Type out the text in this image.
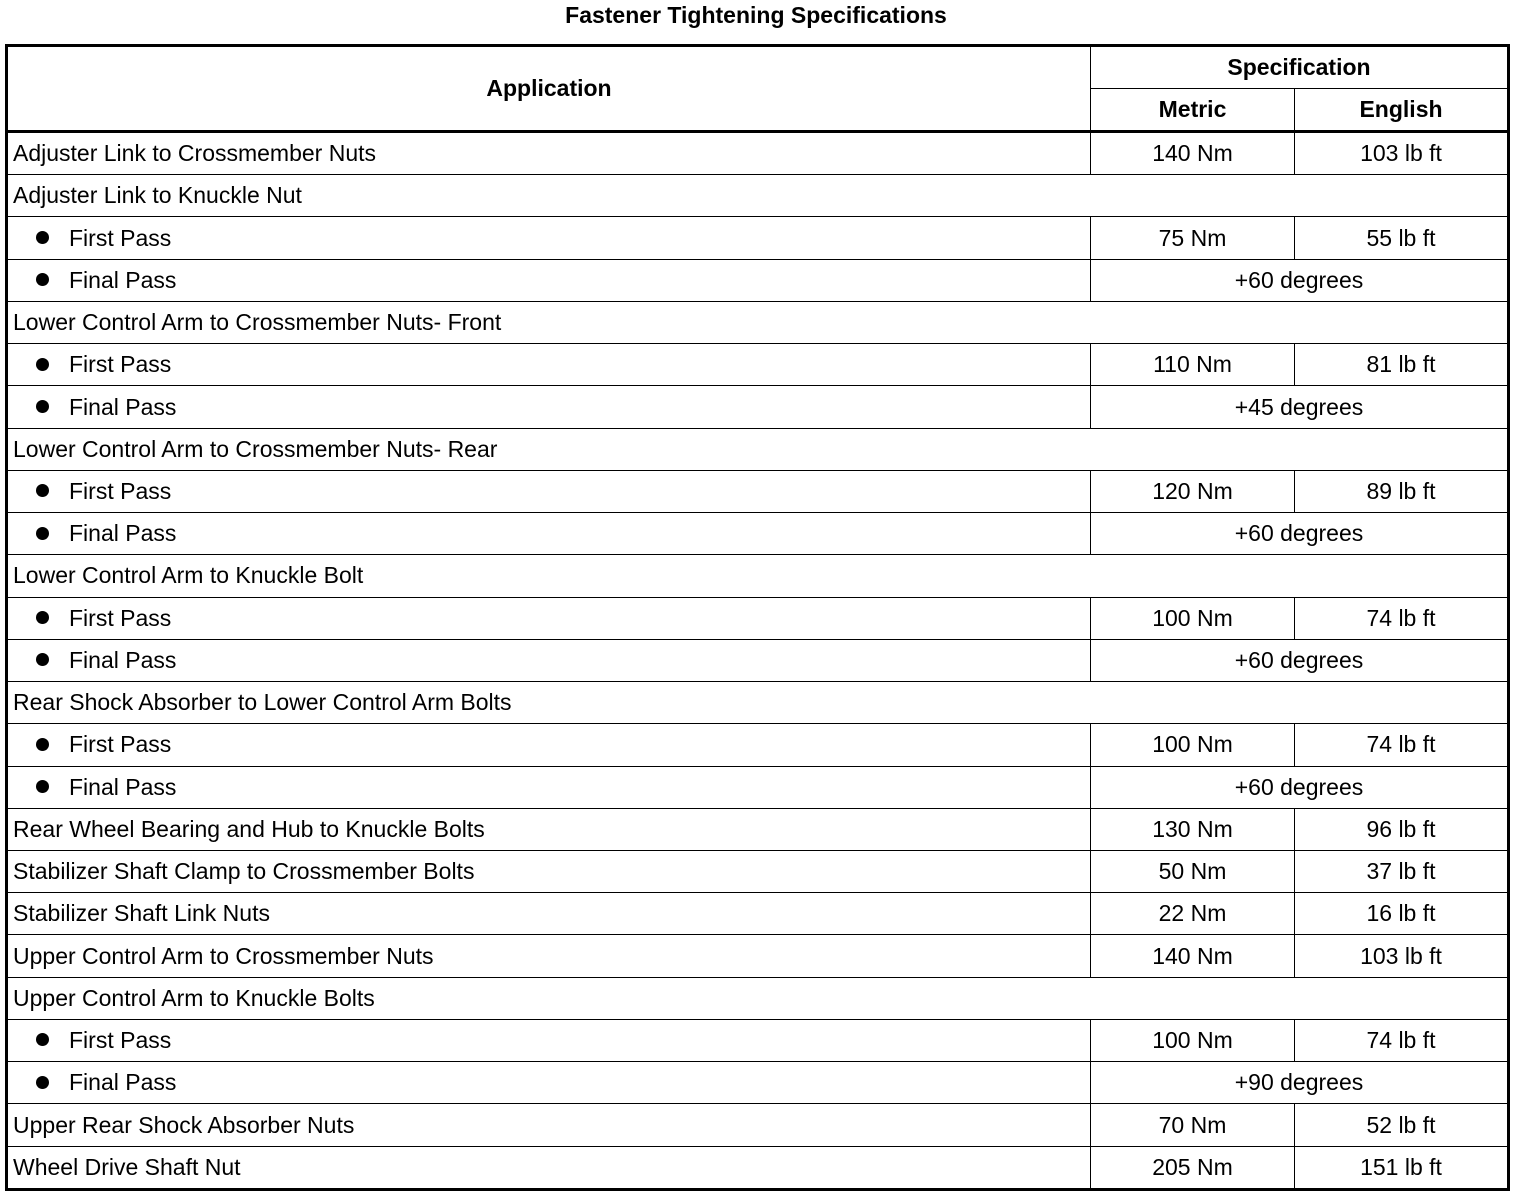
Fastener Tightening Specifications
Application	Specification	
	Metric	English
Adjuster Link to Crossmember Nuts	140 Nm	103 lb ft
Adjuster Link to Knuckle Nut		
First Pass	75 Nm	55 lb ft
Final Pass	+60 degrees	
Lower Control Arm to Crossmember Nuts- Front		
First Pass	110 Nm	81 lb ft
Final Pass	+45 degrees	
Lower Control Arm to Crossmember Nuts- Rear		
First Pass	120 Nm	89 lb ft
Final Pass	+60 degrees	
Lower Control Arm to Knuckle Bolt		
First Pass	100 Nm	74 lb ft
Final Pass	+60 degrees	
Rear Shock Absorber to Lower Control Arm Bolts		
First Pass	100 Nm	74 lb ft
Final Pass	+60 degrees	
Rear Wheel Bearing and Hub to Knuckle Bolts	130 Nm	96 lb ft
Stabilizer Shaft Clamp to Crossmember Bolts	50 Nm	37 lb ft
Stabilizer Shaft Link Nuts	22 Nm	16 lb ft
Upper Control Arm to Crossmember Nuts	140 Nm	103 lb ft
Upper Control Arm to Knuckle Bolts		
First Pass	100 Nm	74 lb ft
Final Pass	+90 degrees	
Upper Rear Shock Absorber Nuts	70 Nm	52 lb ft
Wheel Drive Shaft Nut	205 Nm	151 lb ft
